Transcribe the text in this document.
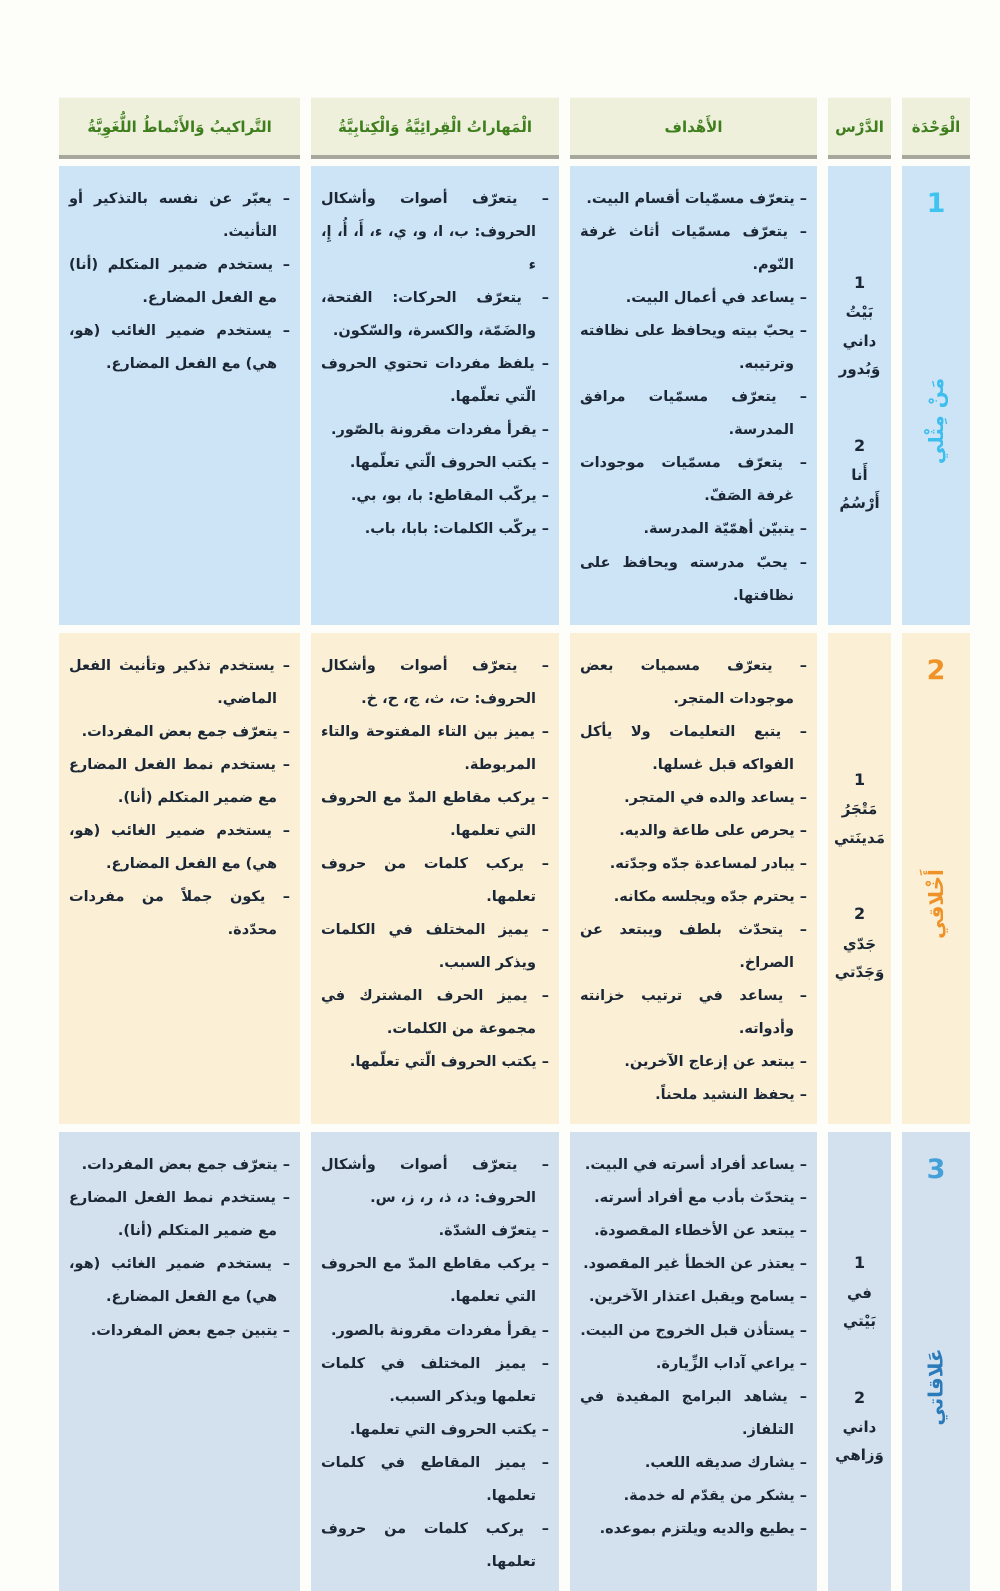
الْوَحْدَة
الدَّرْس
الأَهْداف
الْمَهاراتُ الْقِرائِيَّةُ وَالْكِتابِيَّةُ
التَّراكيبُ وَالأَنْماطُ اللُّغَوِيَّةُ
1
مَنْ مِثْلي
1
بَيْتُ داني وَبُدور
2
أَنا أَرْسُمُ

– يتعرّف مسمّيات أقسام البيت.

– يتعرّف مسمّيات أثاث غرفة النّوم.

– يساعد في أعمال البيت.

– يحبّ بيته ويحافظ على نظافته وترتيبه.

– يتعرّف مسمّيات مرافق المدرسة.

– يتعرّف مسمّيات موجودات غرفة الصَفّ.

– يتبيّن أهمّيّة المدرسة.

– يحبّ مدرسته ويحافظ على نظافتها.

– يتعرّف أصوات وأشكال الحروف: ب، ا، و، ي، ء، أَ، أُ، إِ، ء

– يتعرّف الحركات: الفتحة، والضَمّة، والكسرة، والسّكون.

– يلفظ مفردات تحتوي الحروف الّتي تعلّمها.

– يقرأ مفردات مقرونة بالصّور.

– يكتب الحروف الّتي تعلّمها.

– يركّب المقاطع: با، بو، بي.

– يركّب الكلمات: بابا، باب.

– يعبّر عن نفسه بالتذكير أو التأنيث.

– يستخدم ضمير المتكلم (أنا) مع الفعل المضارع.

– يستخدم ضمير الغائب (هو، هي) مع الفعل المضارع.

2
أَخْلاقي
1
مَتْجَرُ مَدينَتي
2
جَدّي وَجَدّتي

– يتعرّف مسميات بعض موجودات المتجر.

– يتبع التعليمات ولا يأكل الفواكه قبل غسلها.

– يساعد والده في المتجر.

– يحرص على طاعة والديه.

– يبادر لمساعدة جدّه وجدّته.

– يحترم جدّه ويجلسه مكانه.

– يتحدّث بلطف ويبتعد عن الصراخ.

– يساعد في ترتيب خزانته وأدواته.

– يبتعد عن إزعاج الآخرين.

– يحفظ النشيد ملحناً.

– يتعرّف أصوات وأشكال الحروف: ت، ث، ج، ح، خ.

– يميز بين التاء المفتوحة والتاء المربوطة.

– يركب مقاطع المدّ مع الحروف التي تعلمها.

– يركب كلمات من حروف تعلمها.

– يميز المختلف في الكلمات ويذكر السبب.

– يميز الحرف المشترك في مجموعة من الكلمات.

– يكتب الحروف الّتي تعلّمها.

– يستخدم تذكير وتأنيث الفعل الماضي.

– يتعرّف جمع بعض المفردات.

– يستخدم نمط الفعل المضارع مع ضمير المتكلم (أنا).

– يستخدم ضمير الغائب (هو، هي) مع الفعل المضارع.

– يكون جملاً من مفردات محدّدة.

3
عَلاقاتي
1
في بَيْتي
2
داني وَزاهي

– يساعد أفراد أسرته في البيت.

– يتحدّث بأدب مع أفراد أسرته.

– يبتعد عن الأخطاء المقصودة.

– يعتذر عن الخطأ غير المقصود.

– يسامح ويقبل اعتذار الآخرين.

– يستأذن قبل الخروج من البيت.

– يراعي آداب الزِّيارة.

– يشاهد البرامج المفيدة في التلفاز.

– يشارك صديقه اللعب.

– يشكر من يقدّم له خدمة.

– يطيع والديه ويلتزم بموعده.

– يتعرّف أصوات وأشكال الحروف: د، ذ، ر، ز، س.

– يتعرّف الشدّة.

– يركب مقاطع المدّ مع الحروف التي تعلمها.

– يقرأ مفردات مقرونة بالصور.

– يميز المختلف في كلمات تعلمها ويذكر السبب.

– يكتب الحروف التي تعلمها.

– يميز المقاطع في كلمات تعلمها.

– يركب كلمات من حروف تعلمها.

– يتعرّف جمع بعض المفردات.

– يستخدم نمط الفعل المضارع مع ضمير المتكلم (أنا).

– يستخدم ضمير الغائب (هو، هي) مع الفعل المضارع.

– يتبين جمع بعض المفردات.
